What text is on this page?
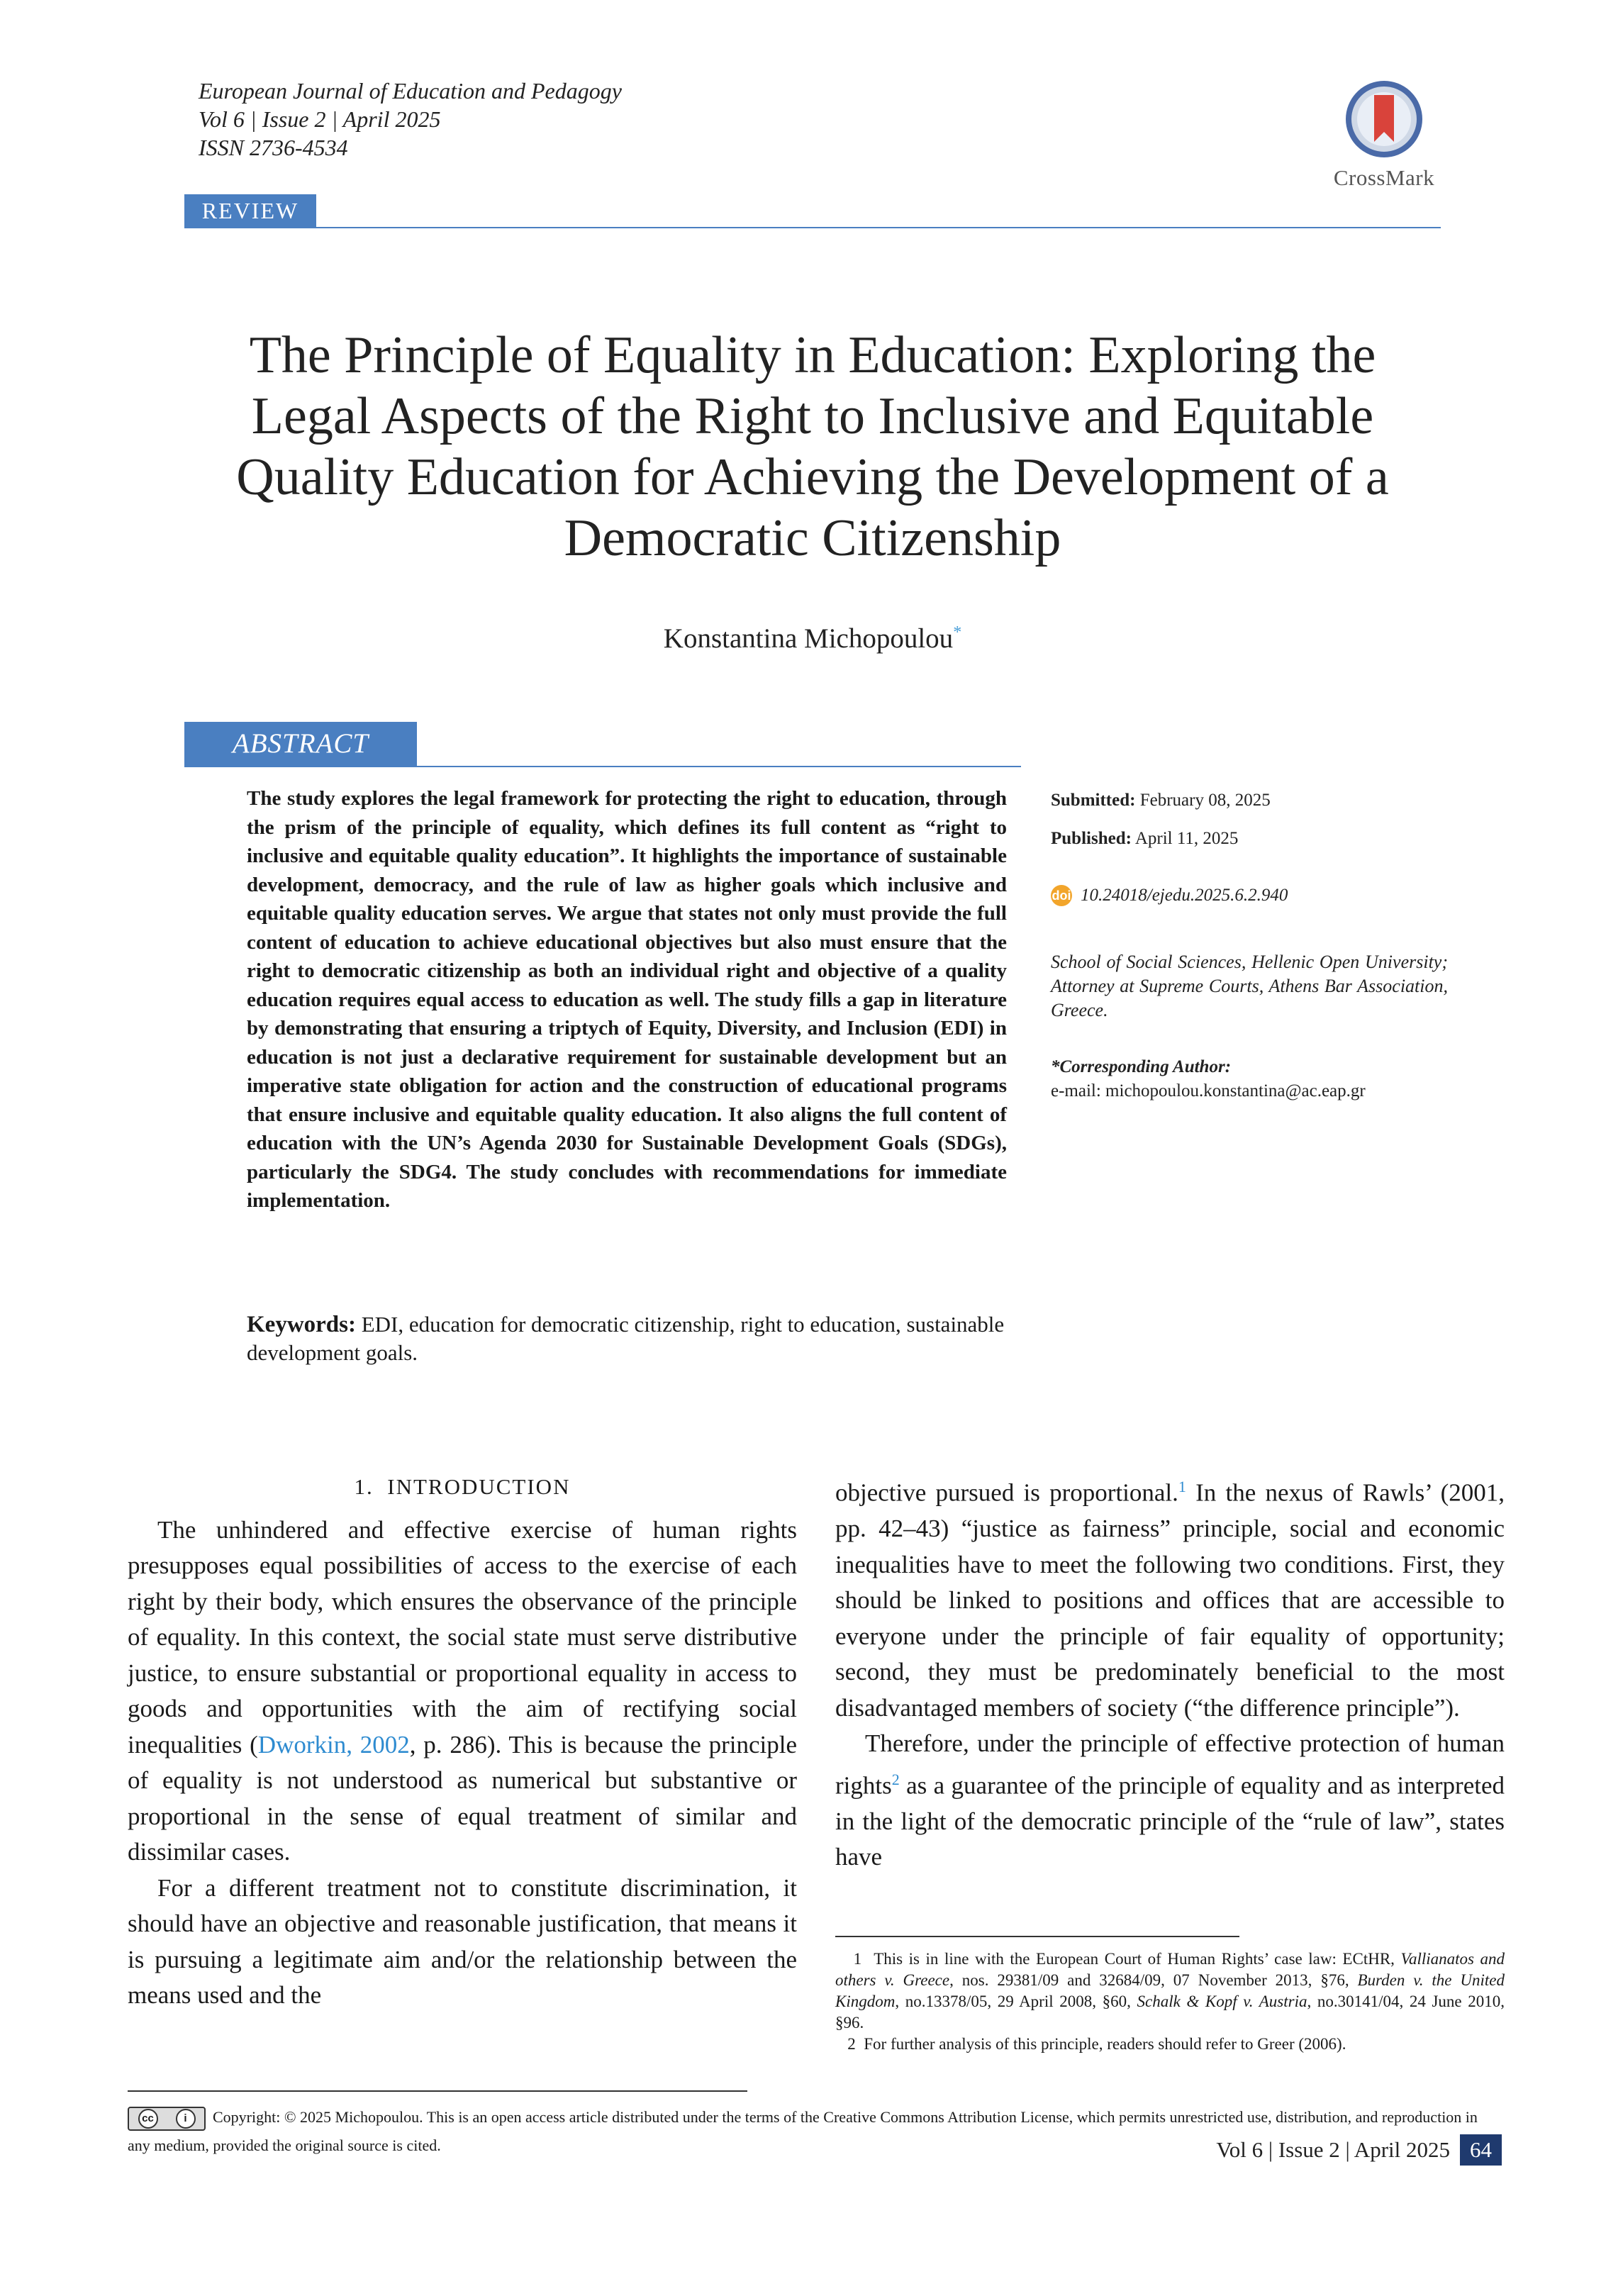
European Journal of Education and Pedagogy
Vol 6 | Issue 2 | April 2025
ISSN 2736-4534
CrossMark
REVIEW
The Principle of Equality in Education: Exploring the Legal Aspects of the Right to Inclusive and Equitable Quality Education for Achieving the Development of a Democratic Citizenship
Konstantina Michopoulou*
ABSTRACT
The study explores the legal framework for protecting the right to education, through the prism of the principle of equality, which defines its full content as “right to inclusive and equitable quality education”. It highlights the importance of sustainable development, democracy, and the rule of law as higher goals which inclusive and equitable quality education serves. We argue that states not only must provide the full content of education to achieve educational objectives but also must ensure that the right to democratic citizenship as both an individual right and objective of a quality education requires equal access to education as well. The study fills a gap in literature by demonstrating that ensuring a triptych of Equity, Diversity, and Inclusion (EDI) in education is not just a declarative requirement for sustainable development but an imperative state obligation for action and the construction of educational programs that ensure inclusive and equitable quality education. It also aligns the full content of education with the UN’s Agenda 2030 for Sustainable Development Goals (SDGs), particularly the SDG4. The study concludes with recommendations for immediate implementation.
Keywords: EDI, education for democratic citizenship, right to education, sustainable development goals.
Submitted: February 08, 2025
Published: April 11, 2025
doi 10.24018/ejedu.2025.6.2.940
School of Social Sciences, Hellenic Open University; Attorney at Supreme Courts, Athens Bar Association, Greece.
*Corresponding Author:
e-mail: michopoulou.konstantina@ac.eap.gr

1. INTRODUCTION

The unhindered and effective exercise of human rights presupposes equal possibilities of access to the exercise of each right by their body, which ensures the observance of the principle of equality. In this context, the social state must serve distributive justice, to ensure substantial or proportional equality in access to goods and opportunities with the aim of rectifying social inequalities (Dworkin, 2002, p. 286). This is because the principle of equality is not understood as numerical but substantive or proportional in the sense of equal treatment of similar and dissimilar cases.

For a different treatment not to constitute discrimination, it should have an objective and reasonable justification, that means it is pursuing a legitimate aim and/or the relationship between the means used and the

objective pursued is proportional.$^1$ In the nexus of Rawls’ (2001, pp. 42–43) “justice as fairness” principle, social and economic inequalities have to meet the following two conditions. First, they should be linked to positions and offices that are accessible to everyone under the principle of fair equality of opportunity; second, they must be predominately beneficial to the most disadvantaged members of society (“the difference principle”).

Therefore, under the principle of effective protection of human rights$^2$ as a guarantee of the principle of equality and as interpreted in the light of the democratic principle of the “rule of law”, states have

1 This is in line with the European Court of Human Rights’ case law: ECtHR, Vallianatos and others v. Greece, nos. 29381/09 and 32684/09, 07 November 2013, §76, Burden v. the United Kingdom, no.13378/05, 29 April 2008, §60, Schalk & Kopf v. Austria, no.30141/04, 24 June 2010, §96.

2 For further analysis of this principle, readers should refer to Greer (2006).

cc	i	Copyright: © 2025 Michopoulou. This is an open access article distributed under the terms of the Creative Commons Attribution License, which permits unrestricted use, distribution, and reproduction in any medium, provided the original source is cited.	Vol 6 | Issue 2 | April 2025 64
